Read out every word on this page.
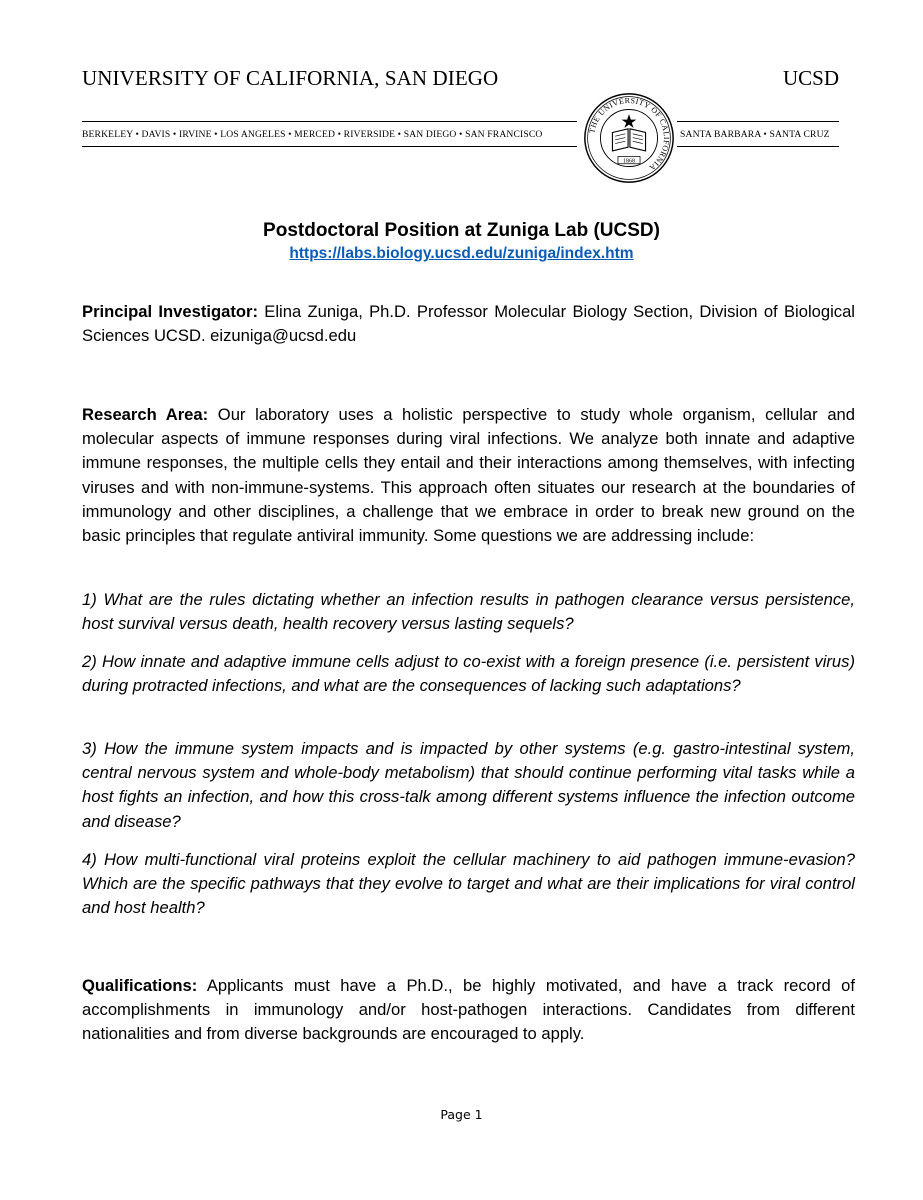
UNIVERSITY OF CALIFORNIA, SAN DIEGO	UCSD
BERKELEY • DAVIS • IRVINE • LOS ANGELES • MERCED • RIVERSIDE • SAN DIEGO • SAN FRANCISCO	SANTA BARBARA • SANTA CRUZ
THE UNIVERSITY OF CALIFORNIA
1868
Postdoctoral Position at Zuniga Lab (UCSD)
https://labs.biology.ucsd.edu/zuniga/index.htm
Principal Investigator: Elina Zuniga, Ph.D. Professor Molecular Biology Section, Division of Biological Sciences UCSD. eizuniga@ucsd.edu
Research Area: Our laboratory uses a holistic perspective to study whole organism, cellular and molecular aspects of immune responses during viral infections. We analyze both innate and adaptive immune responses, the multiple cells they entail and their interactions among themselves, with infecting viruses and with non-immune-systems. This approach often situates our research at the boundaries of immunology and other disciplines, a challenge that we embrace in order to break new ground on the basic principles that regulate antiviral immunity. Some questions we are addressing include:
1) What are the rules dictating whether an infection results in pathogen clearance versus persistence, host survival versus death, health recovery versus lasting sequels?
2) How innate and adaptive immune cells adjust to co-exist with a foreign presence (i.e. persistent virus) during protracted infections, and what are the consequences of lacking such adaptations?
3) How the immune system impacts and is impacted by other systems (e.g. gastro-intestinal system, central nervous system and whole-body metabolism) that should continue performing vital tasks while a host fights an infection, and how this cross-talk among different systems influence the infection outcome and disease?
4) How multi-functional viral proteins exploit the cellular machinery to aid pathogen immune-evasion? Which are the specific pathways that they evolve to target and what are their implications for viral control and host health?
Qualifications: Applicants must have a Ph.D., be highly motivated, and have a track record of accomplishments in immunology and/or host-pathogen interactions. Candidates from different nationalities and from diverse backgrounds are encouraged to apply.
Page 1
